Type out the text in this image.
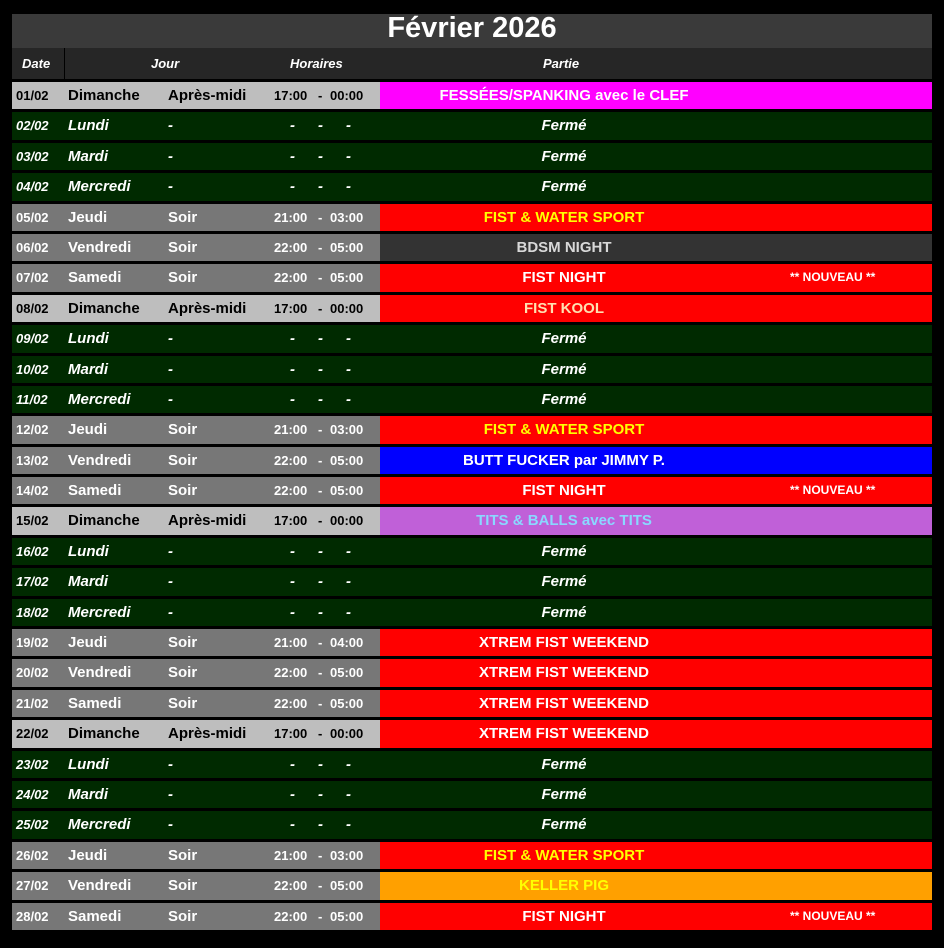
Février 2026
Date	Jour	Horaires	Partie
01/02 Dimanche Après-midi 17:00 - 00:00	FESSÉES/SPANKING avec le CLEF
02/02 Lundi	-	- - -	Fermé
03/02 Mardi	-	- - -	Fermé
04/02 Mercredi -	- - -	Fermé
05/02 Jeudi	Soir	21:00 - 03:00	FIST & WATER SPORT
06/02 Vendredi Soir	22:00 - 05:00	BDSM NIGHT
07/02 Samedi	Soir	22:00 - 05:00	FIST NIGHT	** NOUVEAU **
08/02 Dimanche Après-midi 17:00 - 00:00	FIST KOOL
09/02 Lundi	-	- - -	Fermé
10/02 Mardi	-	- - -	Fermé
11/02 Mercredi -	- - -	Fermé
12/02 Jeudi	Soir	21:00 - 03:00	FIST & WATER SPORT
13/02 Vendredi Soir	22:00 - 05:00	BUTT FUCKER par JIMMY P.
14/02 Samedi	Soir	22:00 - 05:00	FIST NIGHT	** NOUVEAU **
15/02 Dimanche Après-midi 17:00 - 00:00	TITS & BALLS avec TITS
16/02 Lundi	-	- - -	Fermé
17/02 Mardi	-	- - -	Fermé
18/02 Mercredi -	- - -	Fermé
19/02 Jeudi	Soir	21:00 - 04:00	XTREM FIST WEEKEND
20/02 Vendredi Soir	22:00 - 05:00	XTREM FIST WEEKEND
21/02 Samedi	Soir	22:00 - 05:00	XTREM FIST WEEKEND
22/02 Dimanche Après-midi 17:00 - 00:00	XTREM FIST WEEKEND
23/02 Lundi	-	- - -	Fermé
24/02 Mardi	-	- - -	Fermé
25/02 Mercredi -	- - -	Fermé
26/02 Jeudi	Soir	21:00 - 03:00	FIST & WATER SPORT
27/02 Vendredi Soir	22:00 - 05:00	KELLER PIG
28/02 Samedi	Soir	22:00 - 05:00	FIST NIGHT	** NOUVEAU **
